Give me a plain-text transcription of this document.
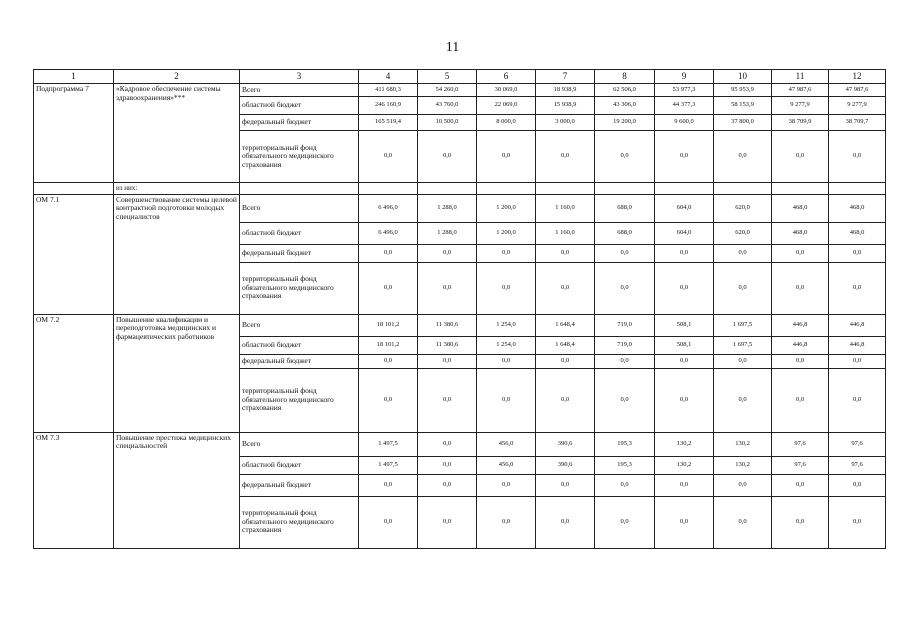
11
1	2	3	4	5	6	7	8	9	10	11	12
Подпрограмма 7	«Кадровое обеспечение системы здравоохранения»***	Всего	411 680,3	54 260,0	30 069,0	18 938,9	62 506,0	53 977,3	95 953,9	47 987,6	47 987,6
		областной бюджет	246 160,9	43 760,0	22 069,0	15 938,9	43 306,0	44 377,3	58 153,9	9 277,9	9 277,9
		федеральный бюджет	165 519,4	10 500,0	8 000,0	3 000,0	19 200,0	9 600,0	37 800,0	38 709,9	38 709,7
		территориальный фонд обязательного медицинского страхования	0,0	0,0	0,0	0,0	0,0	0,0	0,0	0,0	0,0
	из них:										
ОМ 7.1	Совершенствование системы целевой контрактной подготовки молодых специалистов	Всего	6 496,0	1 288,0	1 200,0	1 160,0	688,0	604,0	620,0	468,0	468,0
		областной бюджет	6 496,0	1 288,0	1 200,0	1 160,0	688,0	604,0	620,0	468,0	468,0
		федеральный бюджет	0,0	0,0	0,0	0,0	0,0	0,0	0,0	0,0	0,0
		территориальный фонд обязательного медицинского страхования	0,0	0,0	0,0	0,0	0,0	0,0	0,0	0,0	0,0
ОМ 7.2	Повышение квалификации и переподготовка медицинских и фармацевтических работников	Всего	18 101,2	11 380,6	1 254,0	1 648,4	719,0	508,1	1 697,5	446,8	446,8
		областной бюджет	18 101,2	11 380,6	1 254,0	1 648,4	719,0	508,1	1 697,5	446,8	446,8
		федеральный бюджет	0,0	0,0	0,0	0,0	0,0	0,0	0,0	0,0	0,0
		территориальный фонд обязательного медицинского страхования	0,0	0,0	0,0	0,0	0,0	0,0	0,0	0,0	0,0
ОМ 7.3	Повышение престижа медицинских специальностей	Всего	1 497,5	0,0	456,0	390,6	195,3	130,2	130,2	97,6	97,6
		областной бюджет	1 497,5	0,0	456,0	390,6	195,3	130,2	130,2	97,6	97,6
		федеральный бюджет	0,0	0,0	0,0	0,0	0,0	0,0	0,0	0,0	0,0
		территориальный фонд обязательного медицинского страхования	0,0	0,0	0,0	0,0	0,0	0,0	0,0	0,0	0,0
